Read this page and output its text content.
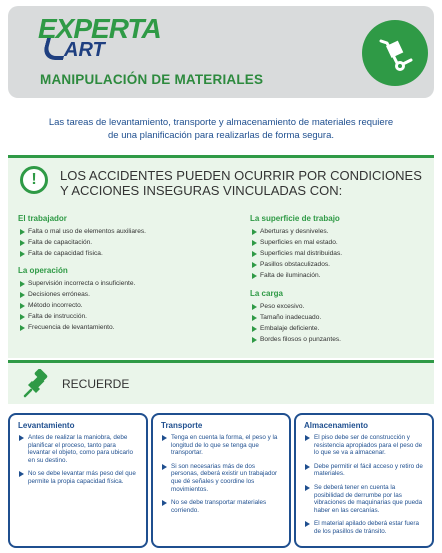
EXPERTA
ART
MANIPULACIÓN DE MATERIALES
Las tareas de levantamiento, transporte y almacenamiento de materiales requiere
de una planificación para realizarlas de forma segura.
!	LOS ACCIDENTES PUEDEN OCURRIR POR CONDICIONES
Y ACCIONES INSEGURAS VINCULADAS CON:
El trabajador
Falta o mal uso de elementos auxiliares.
Falta de capacitación.
Falta de capacidad física.
La operación
Supervisión incorrecta o insuficiente.
Decisiones erróneas.
Método incorrecto.
Falta de instrucción.
Frecuencia de levantamiento.
La superficie de trabajo
Aberturas y desniveles.
Superficies en mal estado.
Superficies mal distribuidas.
Pasillos obstaculizados.
Falta de iluminación.
La carga
Peso excesivo.
Tamaño inadecuado.
Embalaje deficiente.
Bordes filosos o punzantes.
RECUERDE
Levantamiento
Antes de realizar la maniobra, debe planificar el proceso, tanto para levantar el objeto, como para ubicarlo en su destino.
No se debe levantar más peso del que permite la propia capacidad física.
Transporte
Tenga en cuenta la forma, el peso y la longitud de lo que se tenga que transportar.
Si son necesarias más de dos personas, deberá existir un trabajador que dé señales y coordine los movimientos.
No se debe transportar materiales corriendo.
Almacenamiento
El piso debe ser de construcción y resistencia apropiados para el peso de lo que se va a almacenar.
Debe permitir el fácil acceso y retiro de materiales.
Se deberá tener en cuenta la posibilidad de derrumbe por las vibraciones de maquinarias que pueda haber en las cercanías.
El material apilado deberá estar fuera de los pasillos de tránsito.
